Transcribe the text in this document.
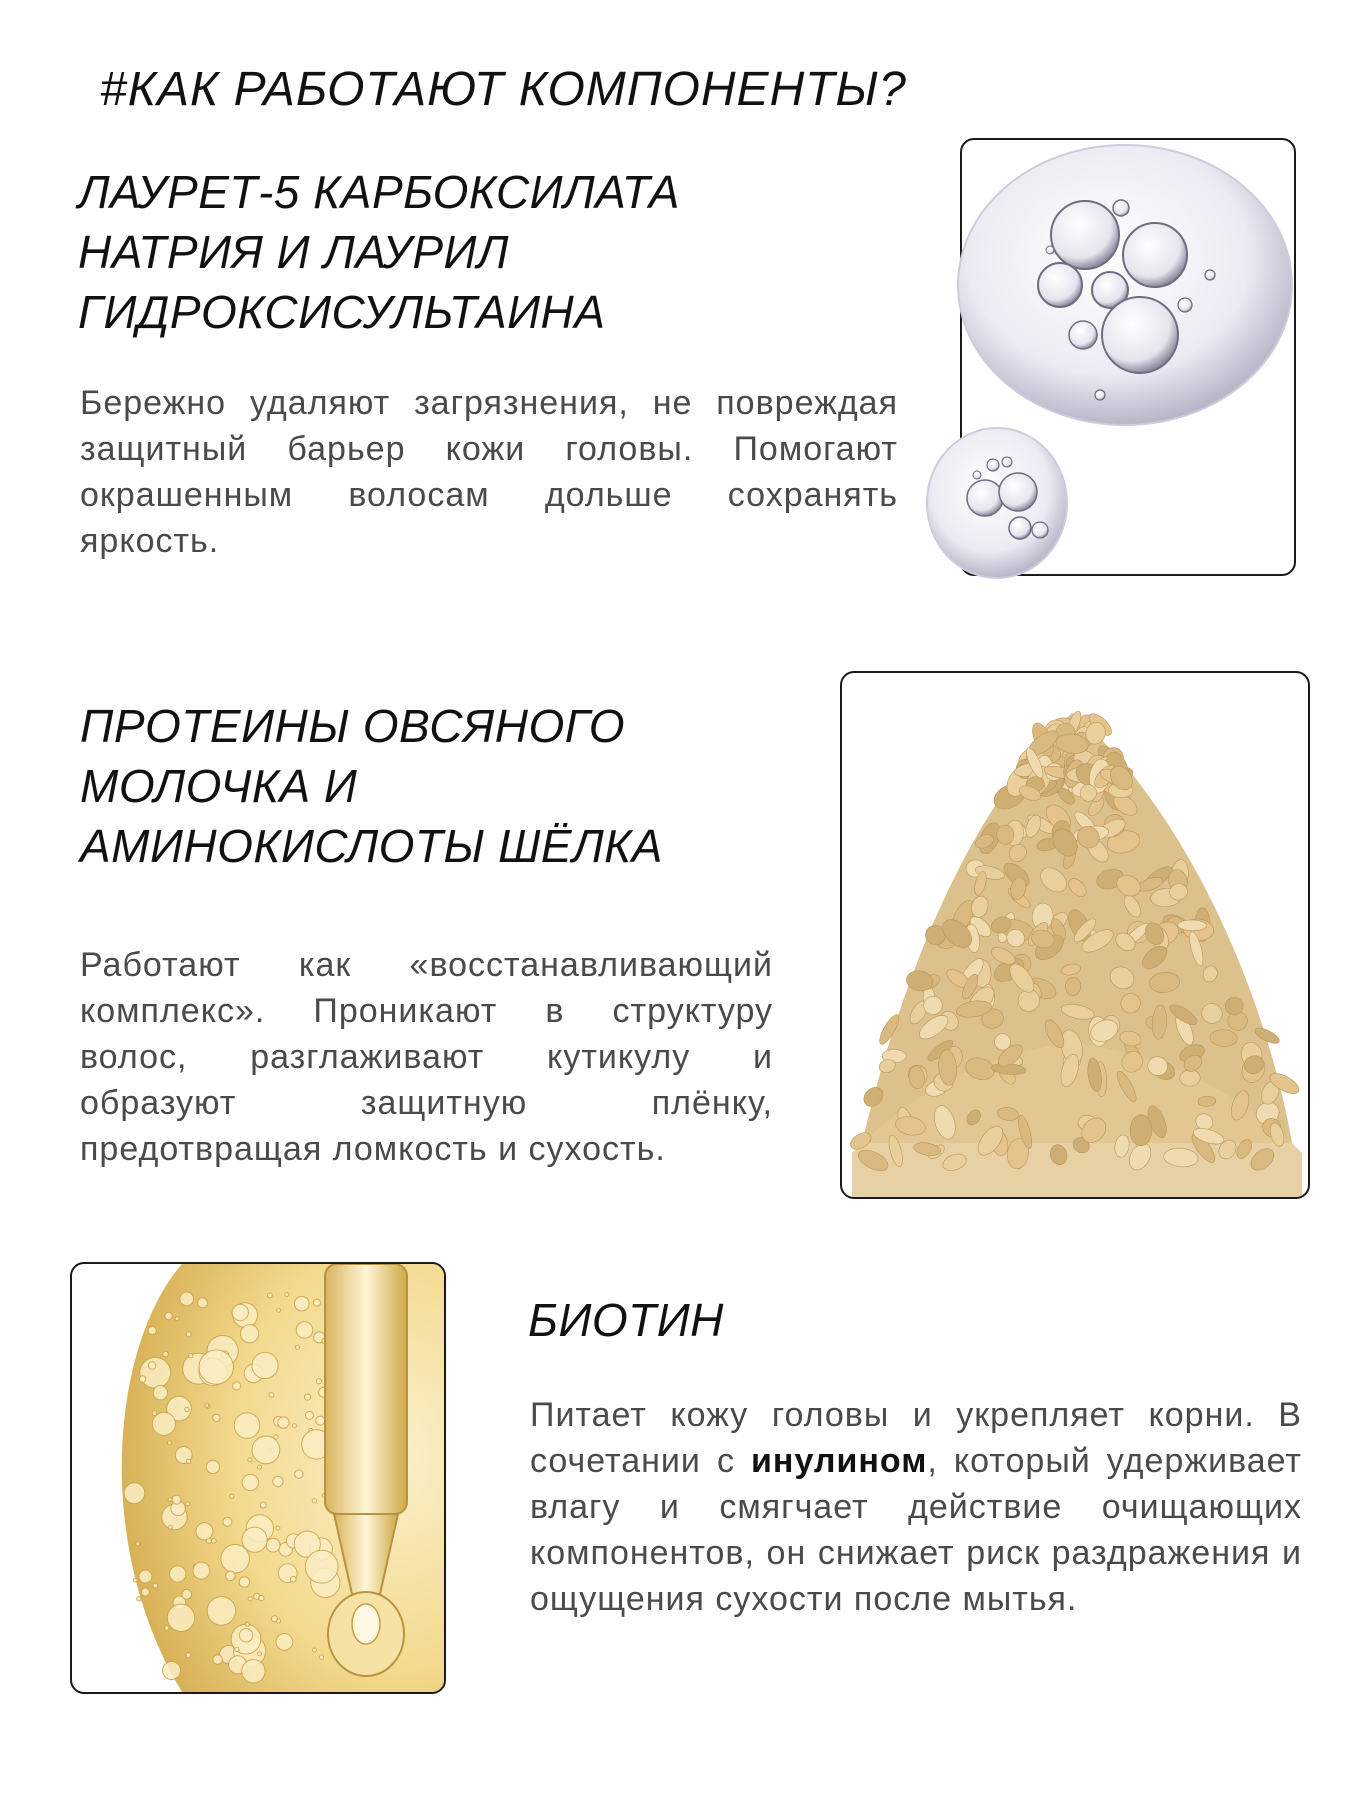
#КАК РАБОТАЮТ КОМПОНЕНТЫ?
ЛАУРЕТ-5 КАРБОКСИЛАТА
НАТРИЯ И ЛАУРИЛ
ГИДРОКСИСУЛЬТАИНА

Бережно удаляют загрязнения, не повреждая защитный барьер кожи головы. Помогают окрашенным волосам дольше сохранять яркость.

ПРОТЕИНЫ ОВСЯНОГО
МОЛОЧКА И
АМИНОКИСЛОТЫ ШЁЛКА

Работают как «восстанавливающий комплекс». Проникают в структуру волос, разглаживают кутикулу и образуют защитную плёнку, предотвращая ломкость и сухость.

БИОТИН

Питает кожу головы и укрепляет корни. В сочетании с инулином, который удерживает влагу и смягчает действие очищающих компонентов, он снижает риск раздражения и ощущения сухости после мытья.
